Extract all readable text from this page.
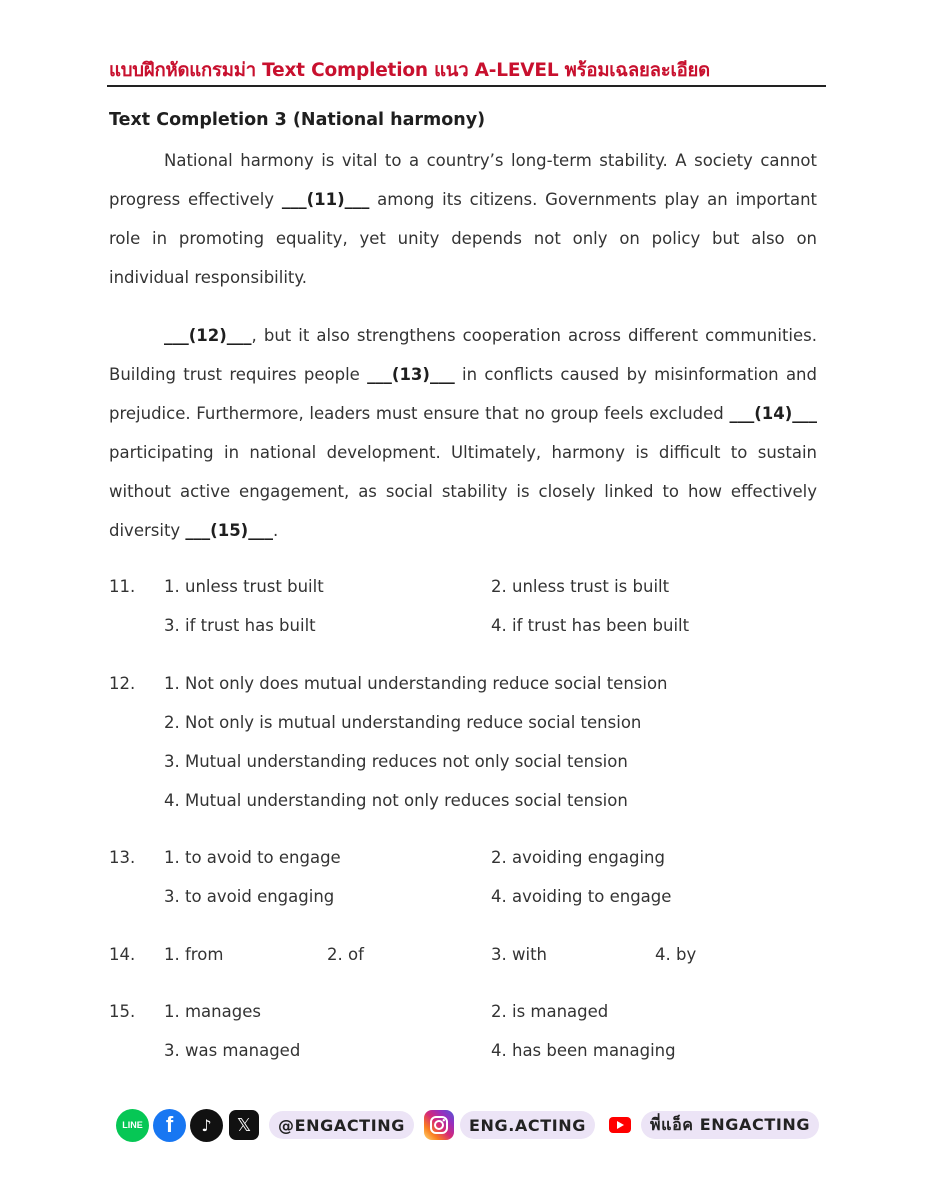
แบบฝึกหัดแกรมม่า Text Completion แนว A-LEVEL พร้อมเฉลยละเอียด
Text Completion 3 (National harmony)

National harmony is vital to a country’s long-term stability. A society cannot progress effectively ___(11)___ among its citizens. Governments play an important role in promoting equality, yet unity depends not only on policy but also on individual responsibility.

___(12)___, but it also strengthens cooperation across different communities. Building trust requires people ___(13)___ in conflicts caused by misinformation and prejudice. Furthermore, leaders must ensure that no group feels excluded ___(14)___ participating in national development. Ultimately, harmony is difficult to sustain without active engagement, as social stability is closely linked to how effectively diversity ___(15)___.

11. 1. unless trust built	2. unless trust is built
3. if trust has built	4. if trust has been built
12. 1. Not only does mutual understanding reduce social tension
2. Not only is mutual understanding reduce social tension
3. Mutual understanding reduces not only social tension
4. Mutual understanding not only reduces social tension
13. 1. to avoid to engage	2. avoiding engaging
3. to avoid engaging	4. avoiding to engage
14. 1. from	2. of	3. with	4. by
15. 1. manages	2. is managed
3. was managed	4. has been managing
LINE	f	♪	𝕏	@ENGACTING	ENG.ACTING	พี่แอ็ค ENGACTING
